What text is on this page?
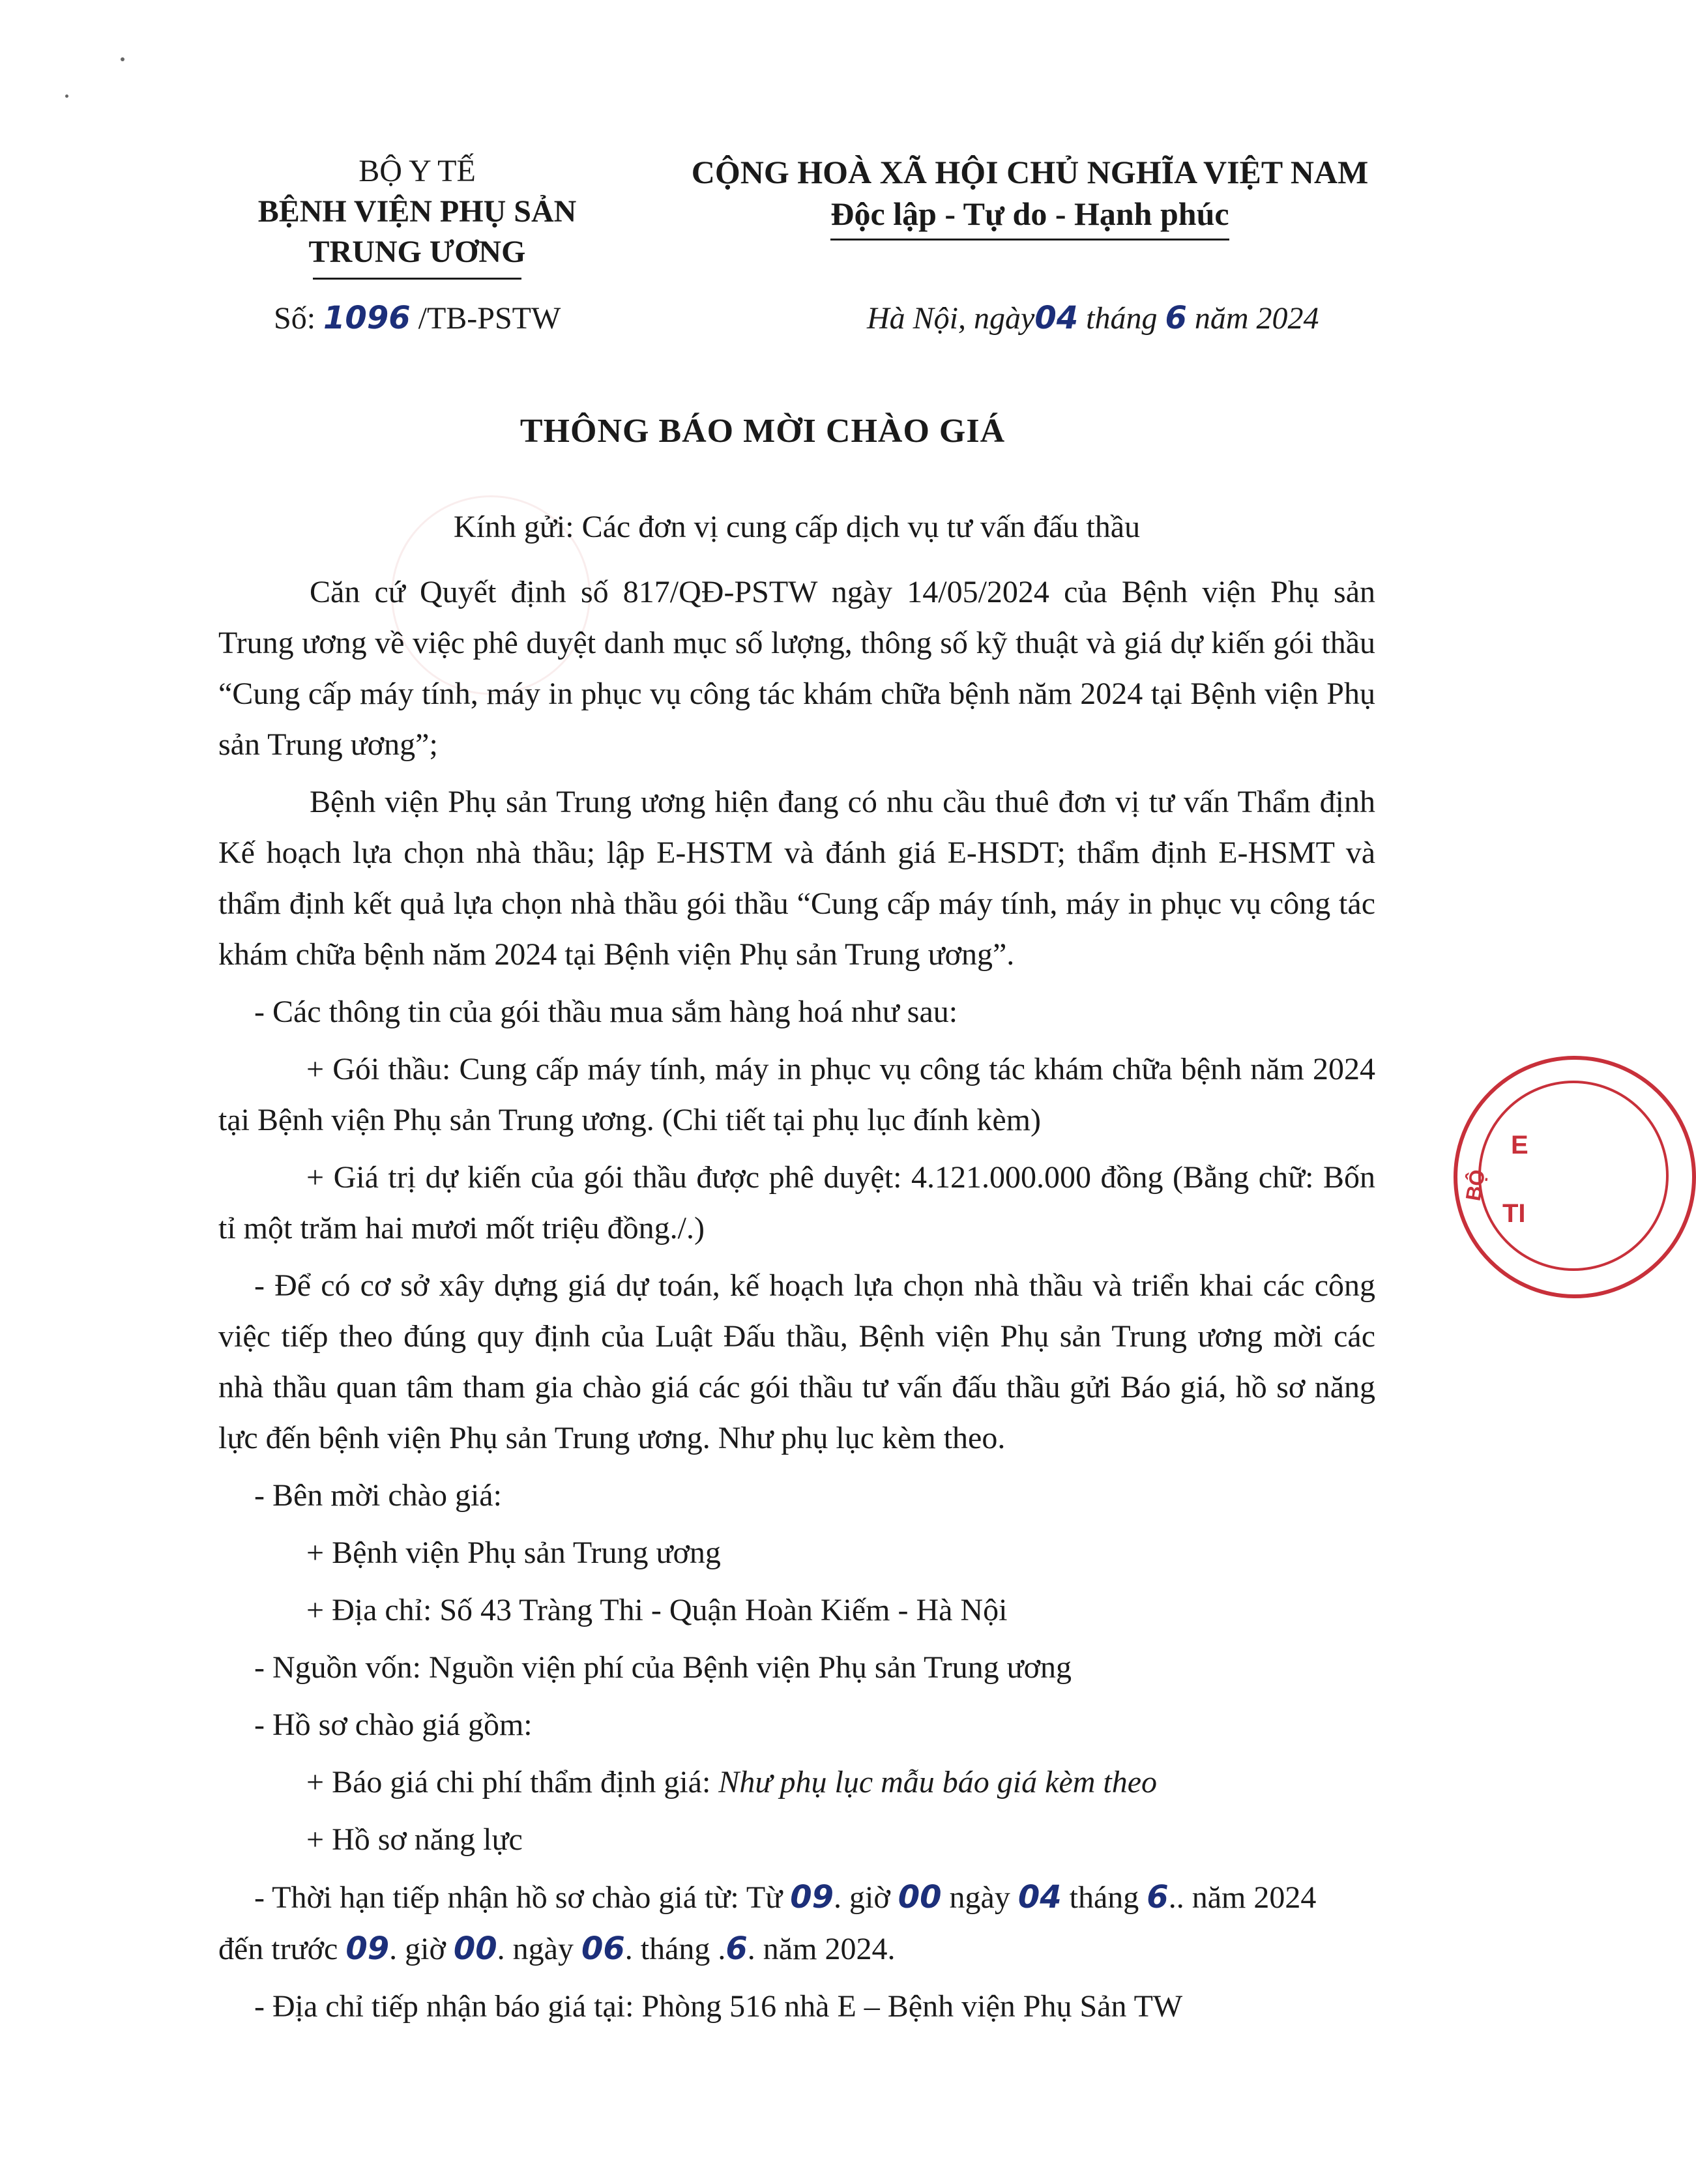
BỘ Y TẾ
BỆNH VIỆN PHỤ SẢN
TRUNG ƯƠNG
CỘNG HOÀ XÃ HỘI CHỦ NGHĨA VIỆT NAM
Độc lập - Tự do - Hạnh phúc
Số: 1096 /TB-PSTW	Hà Nội, ngày04 tháng 6 năm 2024
THÔNG BÁO MỜI CHÀO GIÁ

Kính gửi: Các đơn vị cung cấp dịch vụ tư vấn đấu thầu

Căn cứ Quyết định số 817/QĐ-PSTW ngày 14/05/2024 của Bệnh viện Phụ sản Trung ương về việc phê duyệt danh mục số lượng, thông số kỹ thuật và giá dự kiến gói thầu “Cung cấp máy tính, máy in phục vụ công tác khám chữa bệnh năm 2024 tại Bệnh viện Phụ sản Trung ương”;

Bệnh viện Phụ sản Trung ương hiện đang có nhu cầu thuê đơn vị tư vấn Thẩm định Kế hoạch lựa chọn nhà thầu; lập E-HSTM và đánh giá E-HSDT; thẩm định E-HSMT và thẩm định kết quả lựa chọn nhà thầu gói thầu “Cung cấp máy tính, máy in phục vụ công tác khám chữa bệnh năm 2024 tại Bệnh viện Phụ sản Trung ương”.

- Các thông tin của gói thầu mua sắm hàng hoá như sau:

+ Gói thầu: Cung cấp máy tính, máy in phục vụ công tác khám chữa bệnh năm 2024 tại Bệnh viện Phụ sản Trung ương. (Chi tiết tại phụ lục đính kèm)

+ Giá trị dự kiến của gói thầu được phê duyệt: 4.121.000.000 đồng (Bằng chữ: Bốn tỉ một trăm hai mươi mốt triệu đồng./.)

- Để có cơ sở xây dựng giá dự toán, kế hoạch lựa chọn nhà thầu và triển khai các công việc tiếp theo đúng quy định của Luật Đấu thầu, Bệnh viện Phụ sản Trung ương mời các nhà thầu quan tâm tham gia chào giá các gói thầu tư vấn đấu thầu gửi Báo giá, hồ sơ năng lực đến bệnh viện Phụ sản Trung ương. Như phụ lục kèm theo.

- Bên mời chào giá:

+ Bệnh viện Phụ sản Trung ương

+ Địa chỉ: Số 43 Tràng Thi - Quận Hoàn Kiếm - Hà Nội

- Nguồn vốn: Nguồn viện phí của Bệnh viện Phụ sản Trung ương

- Hồ sơ chào giá gồm:

+ Báo giá chi phí thẩm định giá: Như phụ lục mẫu báo giá kèm theo

+ Hồ sơ năng lực

- Thời hạn tiếp nhận hồ sơ chào giá từ: Từ 09. giờ 00 ngày 04 tháng 6.. năm 2024
đến trước 09. giờ 00. ngày 06. tháng .6. năm 2024.

- Địa chỉ tiếp nhận báo giá tại: Phòng 516 nhà E – Bệnh viện Phụ Sản TW

E
BỘ
TI
